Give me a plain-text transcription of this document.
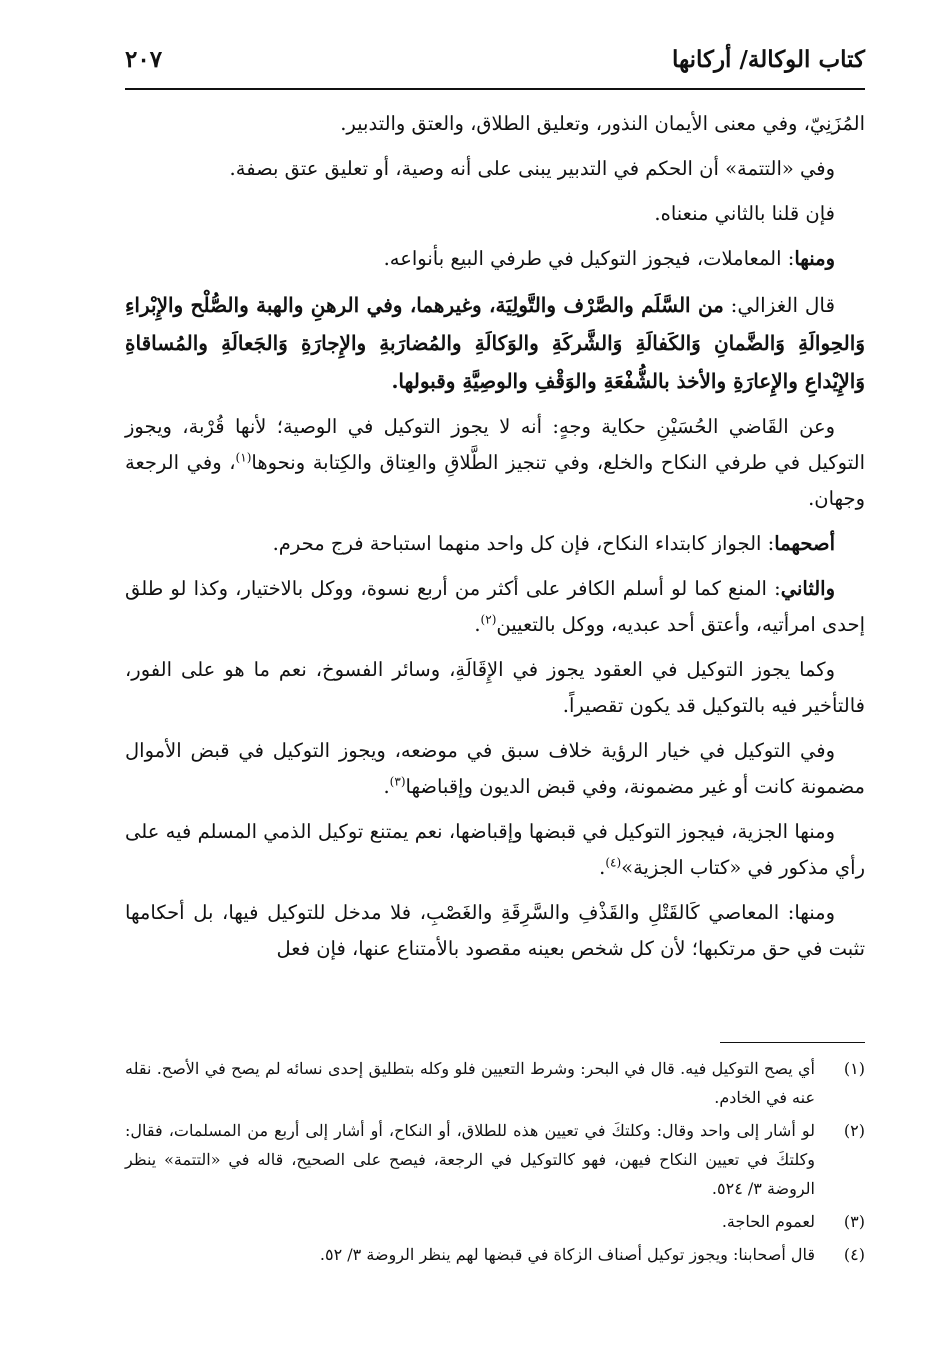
كتاب الوكالة/ أركانها
٢٠٧

المُزَنِيّ، وفي معنى الأيمان النذور، وتعليق الطلاق، والعتق والتدبير.

وفي «التتمة» أن الحكم في التدبير يبنى على أنه وصية، أو تعليق عتق بصفة.

فإن قلنا بالثاني منعناه.

ومنها: المعاملات، فيجوز التوكيل في طرفي البيع بأنواعه.

قال الغزالي: من السَّلَم والصَّرْف والتَّولِيَة، وغيرهما، وفي الرهنِ والهبة والصُّلْح والإِبْراءِ وَالحِوالَةِ وَالضَّمانِ وَالكَفالَةِ وَالشَّركَةِ والوَكالَةِ والمُضارَبةِ والإِجارَةِ وَالجَعالَةِ والمُساقاةِ وَالإِيْداعِ والإِعارَةِ والأخذ بالشُّفْعَةِ والوَقْفِ والوصِيَّةِ وقبولها.

وعن القَاضي الحُسَيْنِ حكاية وجهٍ: أنه لا يجوز التوكيل في الوصية؛ لأنها قُرْبة، ويجوز التوكيل في طرفي النكاح والخلع، وفي تنجيز الطَّلاقِ والعِتاق والكِتابة ونحوها$^{(١)}$، وفي الرجعة وجهان.

أصحهما: الجواز كابتداء النكاح، فإن كل واحد منهما استباحة فرج محرم.

والثاني: المنع كما لو أسلم الكافر على أكثر من أربع نسوة، ووكل بالاختيار، وكذا لو طلق إحدى امرأتيه، وأعتق أحد عبديه، ووكل بالتعيين$^{(٢)}$.

وكما يجوز التوكيل في العقود يجوز في الإِقَالَةِ، وسائر الفسوخ، نعم ما هو على الفور، فالتأخير فيه بالتوكيل قد يكون تقصيراً.

وفي التوكيل في خيار الرؤية خلاف سبق في موضعه، ويجوز التوكيل في قبض الأموال مضمونة كانت أو غير مضمونة، وفي قبض الديون وإقباضها$^{(٣)}$.

ومنها الجزية، فيجوز التوكيل في قبضها وإقباضها، نعم يمتنع توكيل الذمي المسلم فيه على رأي مذكور في «كتاب الجزية»$^{(٤)}$.

ومنها: المعاصي كَالقَتْلِ والقَذْفِ والسَّرِقَةِ والغَصْبِ، فلا مدخل للتوكيل فيها، بل أحكامها تثبت في حق مرتكبها؛ لأن كل شخص بعينه مقصود بالأمتناع عنها، فإن فعل

(١)
أي يصح التوكيل فيه. قال في البحر: وشرط التعيين فلو وكله بتطليق إحدى نسائه لم يصح في الأصح. نقله عنه في الخادم.
(٢)
لو أشار إلى واحد وقال: وكلتكَ في تعيين هذه للطلاق، أو النكاح، أو أشار إلى أربع من المسلمات، فقال: وكلتكَ في تعيين النكاح فيهن، فهو كالتوكيل في الرجعة، فيصح على الصحيح، قاله في «التتمة» ينظر الروضة ٣/ ٥٢٤.
(٣)
لعموم الحاجة.
(٤)
قال أصحابنا: ويجوز توكيل أصناف الزكاة في قبضها لهم ينظر الروضة ٣/ ٥٢.
